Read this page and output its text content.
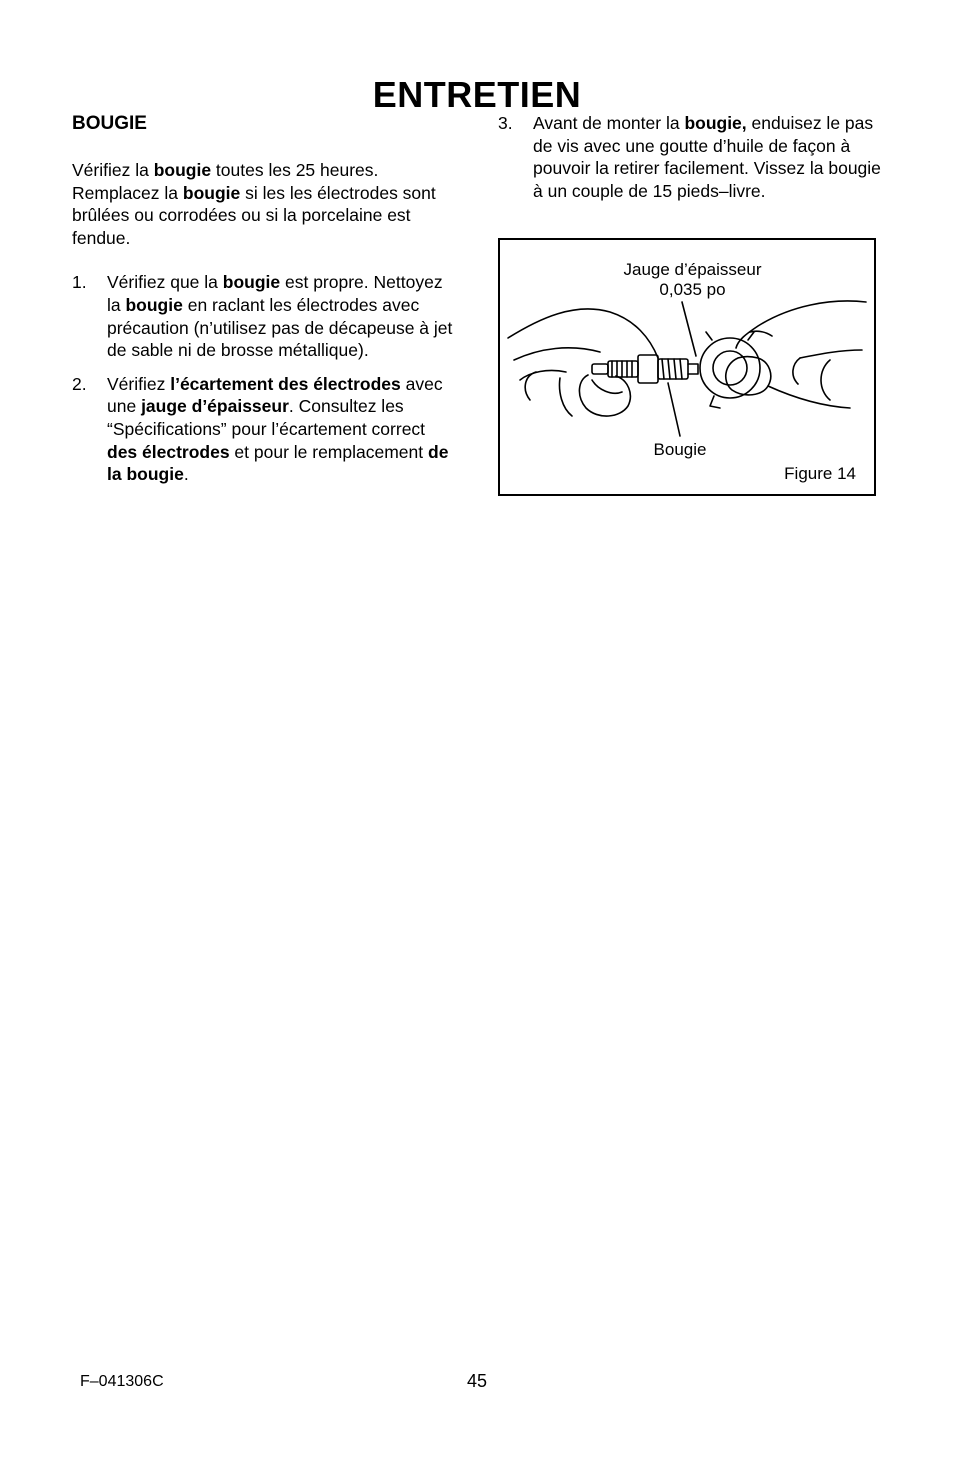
ENTRETIEN
BOUGIE

Vérifiez la bougie toutes les 25 heures. Remplacez la bougie si les les électrodes sont brûlées ou corrodées ou si la porcelaine est fendue.

1. Vérifiez que la bougie est propre. Nettoyez la bougie en raclant les électrodes avec précaution (n’utilisez pas de décapeuse à jet de sable ni de brosse métallique).
2. Vérifiez l’écartement des électrodes avec une jauge d’épaisseur. Consultez les “Spécifications” pour l’écartement correct des électrodes et pour le remplacement de la bougie.
3. Avant de monter la bougie, enduisez le pas de vis avec une goutte d’huile de façon à pouvoir la retirer facilement. Vissez la bougie à un couple de 15 pieds–livre.
Jauge d’épaisseur
0,035 po
Bougie
Figure 14
F–041306C	45
